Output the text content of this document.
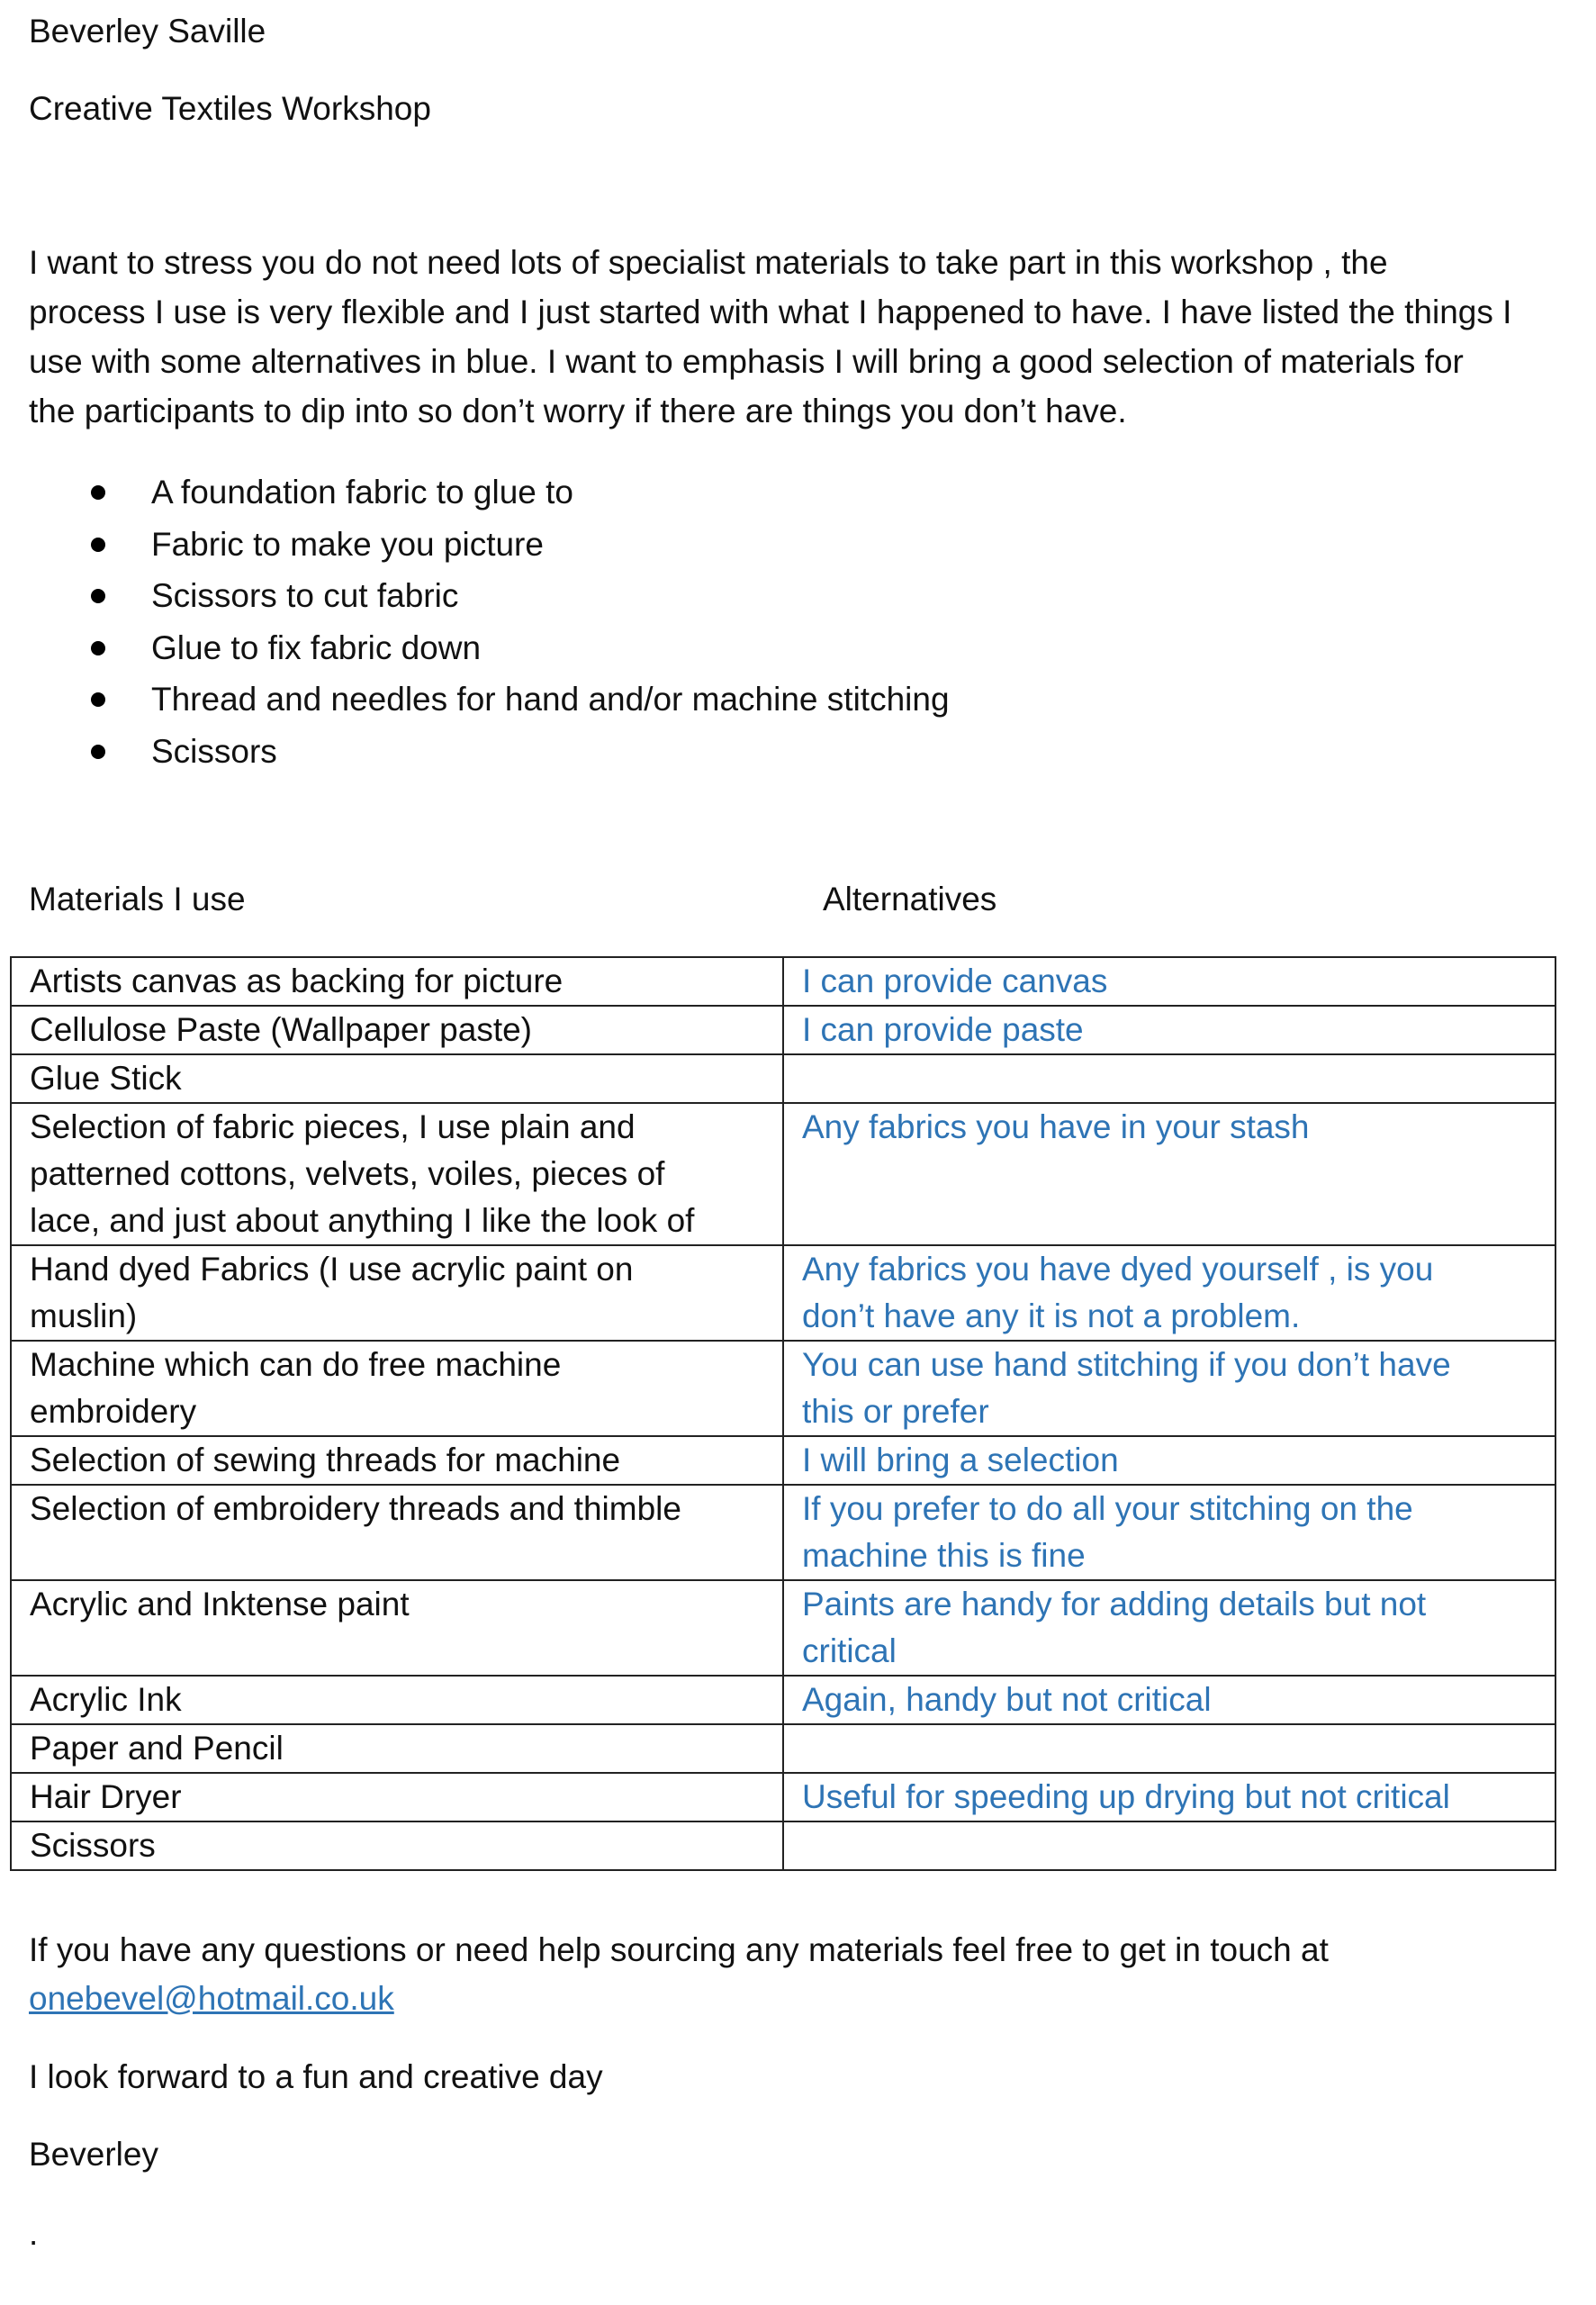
Beverley Saville
Creative Textiles Workshop

I want to stress you do not need lots of specialist materials to take part in this workshop , the

process I use is very flexible and I just started with what I happened to have. I have listed the things I

use with some alternatives in blue. I want to emphasis I will bring a good selection of materials for

the participants to dip into so don’t worry if there are things you don’t have.

A foundation fabric to glue to
Fabric to make you picture
Scissors to cut fabric
Glue to fix fabric down
Thread and needles for hand and/or machine stitching
Scissors
Materials I use	Alternatives
Artists canvas as backing for picture	I can provide canvas

Cellulose Paste (Wallpaper paste)	I can provide paste

Glue Stick	

Selection of fabric pieces, I use plain and
patterned cottons, velvets, voiles, pieces of
lace, and just about anything I like the look of	Any fabrics you have in your stash

Hand dyed Fabrics (I use acrylic paint on
muslin)	Any fabrics you have dyed yourself , is you
don’t have any it is not a problem.

Machine which can do free machine
embroidery	You can use hand stitching if you don’t have
this or prefer

Selection of sewing threads for machine	I will bring a selection

Selection of embroidery threads and thimble	If you prefer to do all your stitching on the
machine this is fine

Acrylic and Inktense paint	Paints are handy for adding details but not
critical

Acrylic Ink	Again, handy but not critical

Paper and Pencil	

Hair Dryer	Useful for speeding up drying but not critical

Scissors	

If you have any questions or need help sourcing any materials feel free to get in touch at
onebevel@hotmail.co.uk
I look forward to a fun and creative day
Beverley
.
